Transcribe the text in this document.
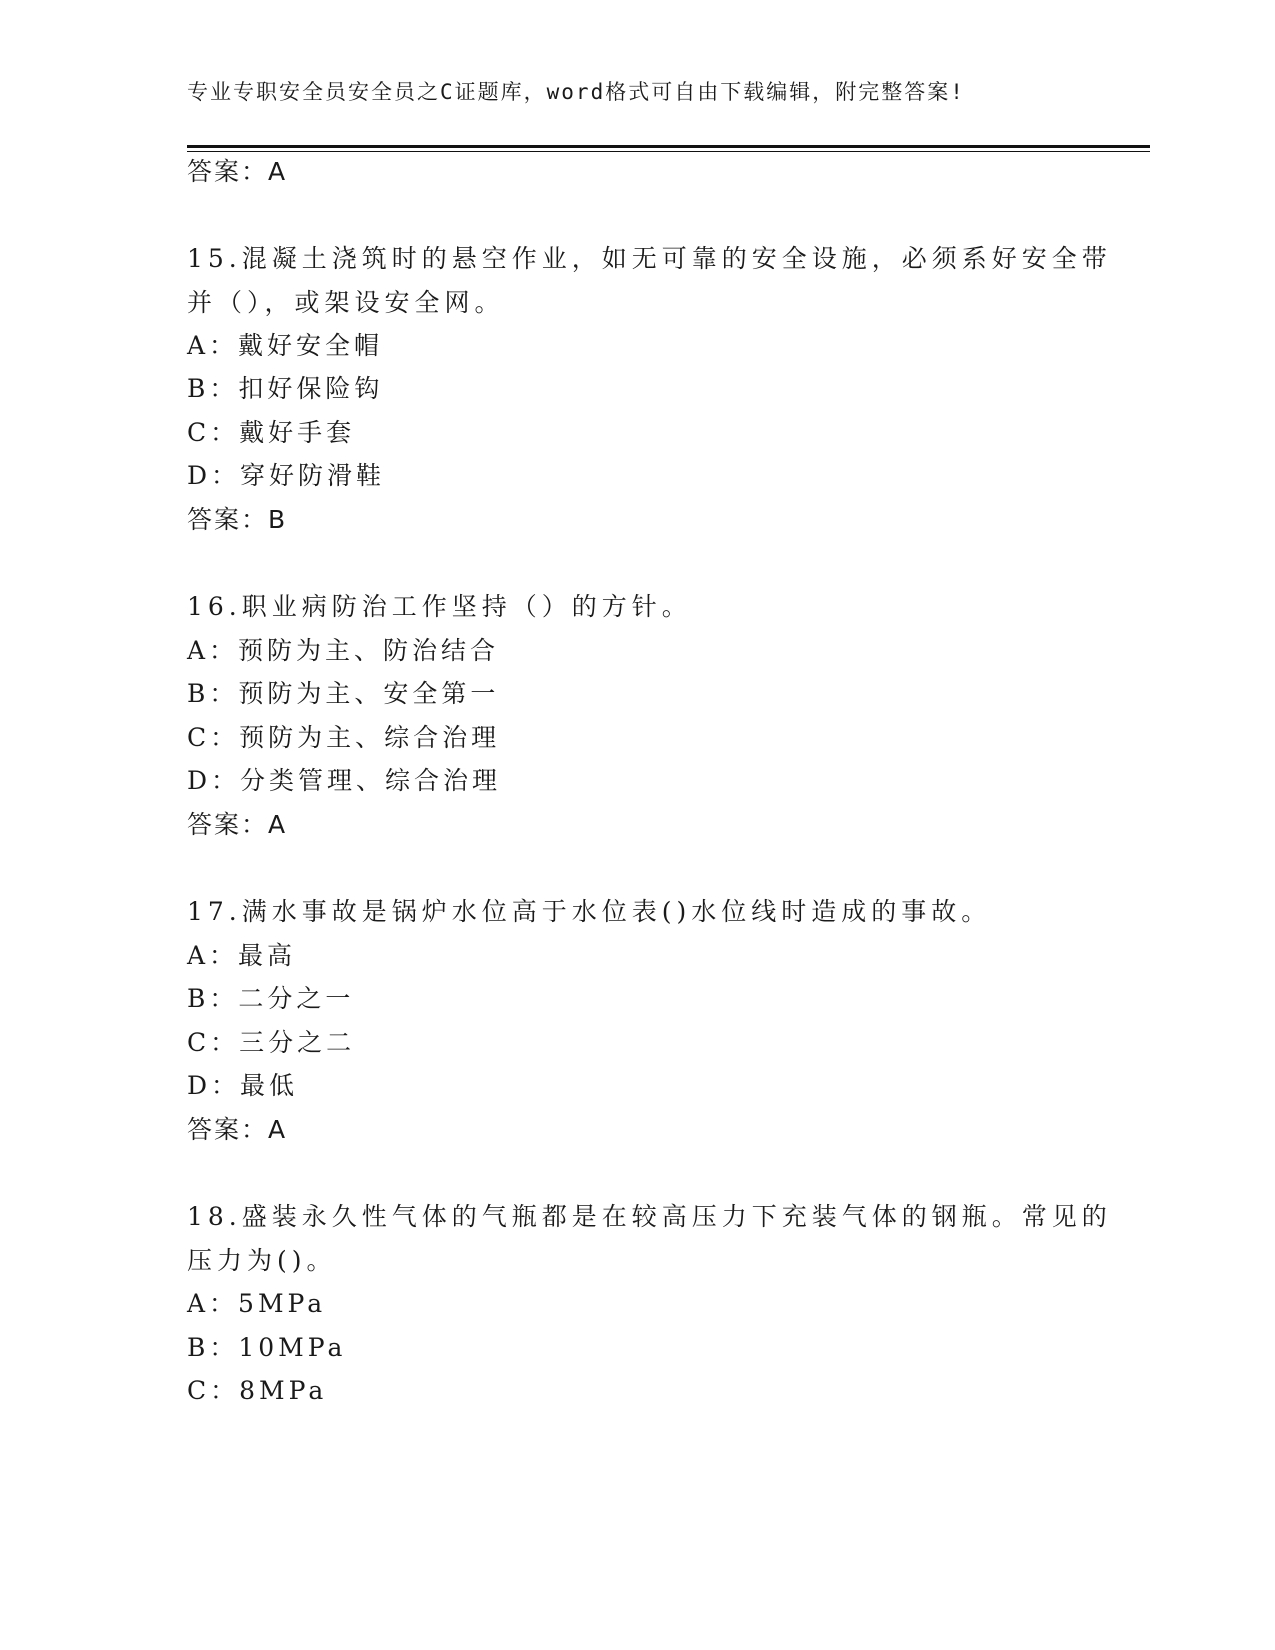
专业专职安全员安全员之C证题库，word格式可自由下载编辑，附完整答案!
答案：A
15.混凝土浇筑时的悬空作业，如无可靠的安全设施，必须系好安全带
并（），或架设安全网。
A：戴好安全帽
B：扣好保险钩
C：戴好手套
D：穿好防滑鞋
答案：B
16.职业病防治工作坚持（）的方针。
A：预防为主、防治结合
B：预防为主、安全第一
C：预防为主、综合治理
D：分类管理、综合治理
答案：A
17.满水事故是锅炉水位高于水位表()水位线时造成的事故。
A：最高
B：二分之一
C：三分之二
D：最低
答案：A
18.盛装永久性气体的气瓶都是在较高压力下充装气体的钢瓶。常见的
压力为()。
A：5MPa
B：10MPa
C：8MPa
